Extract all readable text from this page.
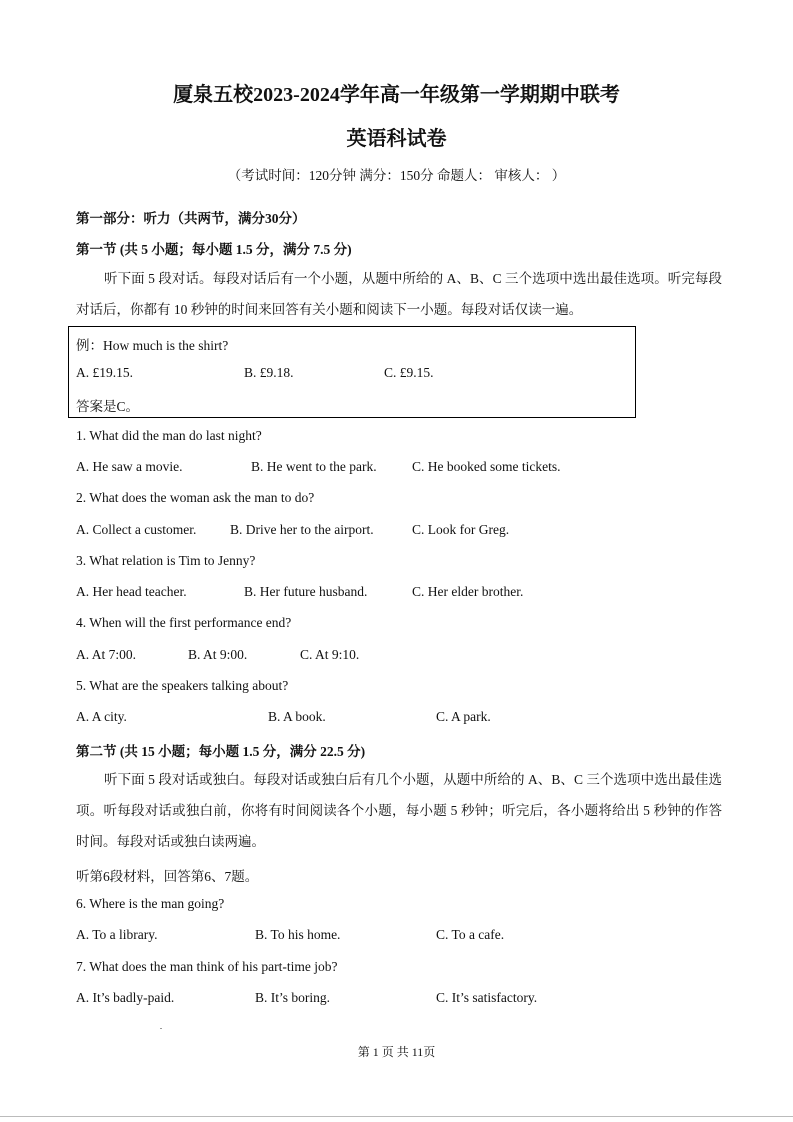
厦泉五校2023-2024学年高一年级第一学期期中联考
英语科试卷
（考试时间：120分钟 满分：150分 命题人： 审核人： ）
第一部分：听力（共两节，满分30分）
第一节 (共 5 小题；每小题 1.5 分，满分 7.5 分)
听下面 5 段对话。每段对话后有一个小题，从题中所给的 A、B、C 三个选项中选出最佳选项。听完每段对话后，你都有 10 秒钟的时间来回答有关小题和阅读下一小题。每段对话仅读一遍。
例：How much is the shirt?
A. £19.15.	B. £9.18.	C. £9.15.
答案是C。
1. What did the man do last night?
A. He saw a movie.	B. He went to the park.	C. He booked some tickets.
2. What does the woman ask the man to do?
A. Collect a customer. B. Drive her to the airport.	C. Look for Greg.
3. What relation is Tim to Jenny?
A. Her head teacher.	B. Her future husband.	C. Her elder brother.
4. When will the first performance end?
A. At 7:00.	B. At 9:00.	C. At 9:10.
5. What are the speakers talking about?
A. A city.	B. A book.	C. A park.
第二节 (共 15 小题；每小题 1.5 分，满分 22.5 分)
听下面 5 段对话或独白。每段对话或独白后有几个小题，从题中所给的 A、B、C 三个选项中选出最佳选项。听每段对话或独白前，你将有时间阅读各个小题，每小题 5 秒钟；听完后，各小题将给出 5 秒钟的作答时间。每段对话或独白读两遍。
听第6段材料，回答第6、7题。
6. Where is the man going?
A. To a library.	B. To his home.	C. To a cafe.
7. What does the man think of his part-time job?
A. It’s badly-paid.	B. It’s boring.	C. It’s satisfactory.
第 1 页 共 11页
